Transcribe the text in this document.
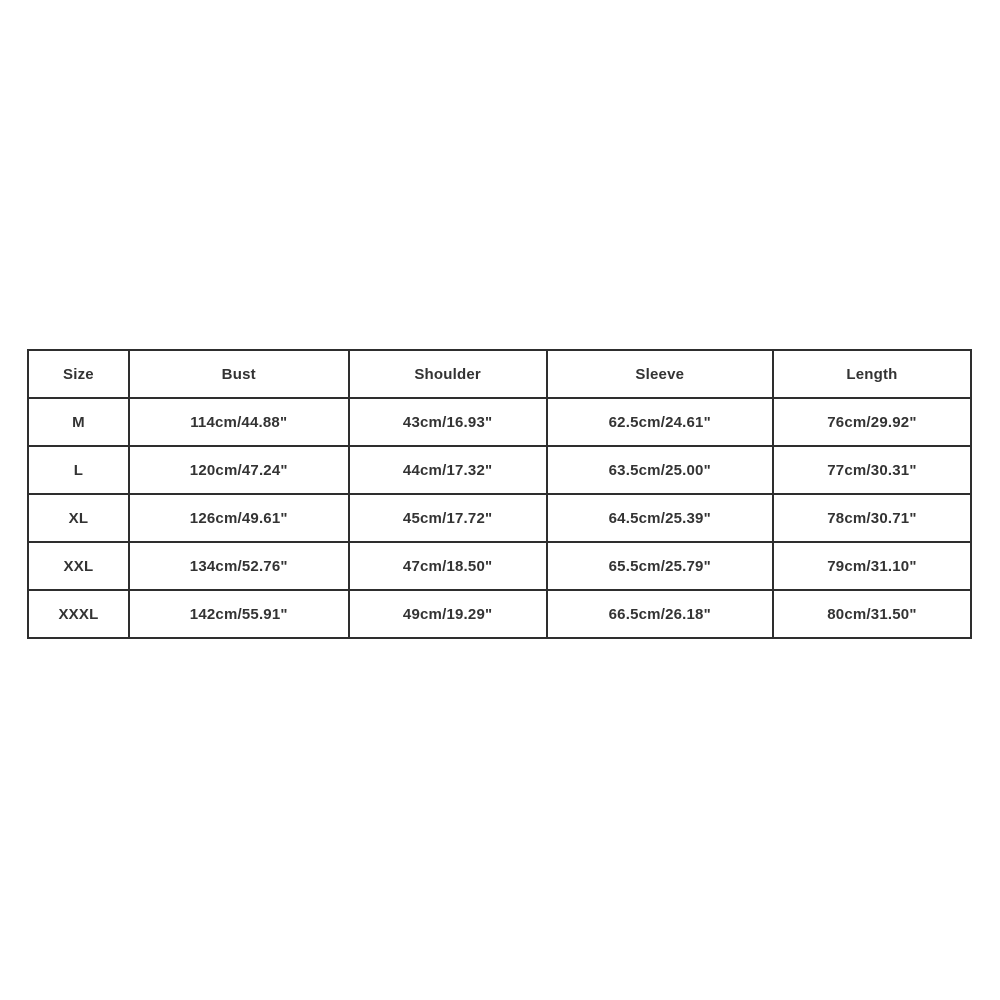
Size	Bust	Shoulder	Sleeve	Length
M	114cm/44.88"	43cm/16.93"	62.5cm/24.61"	76cm/29.92"
L	120cm/47.24"	44cm/17.32"	63.5cm/25.00"	77cm/30.31"
XL	126cm/49.61"	45cm/17.72"	64.5cm/25.39"	78cm/30.71"
XXL	134cm/52.76"	47cm/18.50"	65.5cm/25.79"	79cm/31.10"
XXXL	142cm/55.91"	49cm/19.29"	66.5cm/26.18"	80cm/31.50"
